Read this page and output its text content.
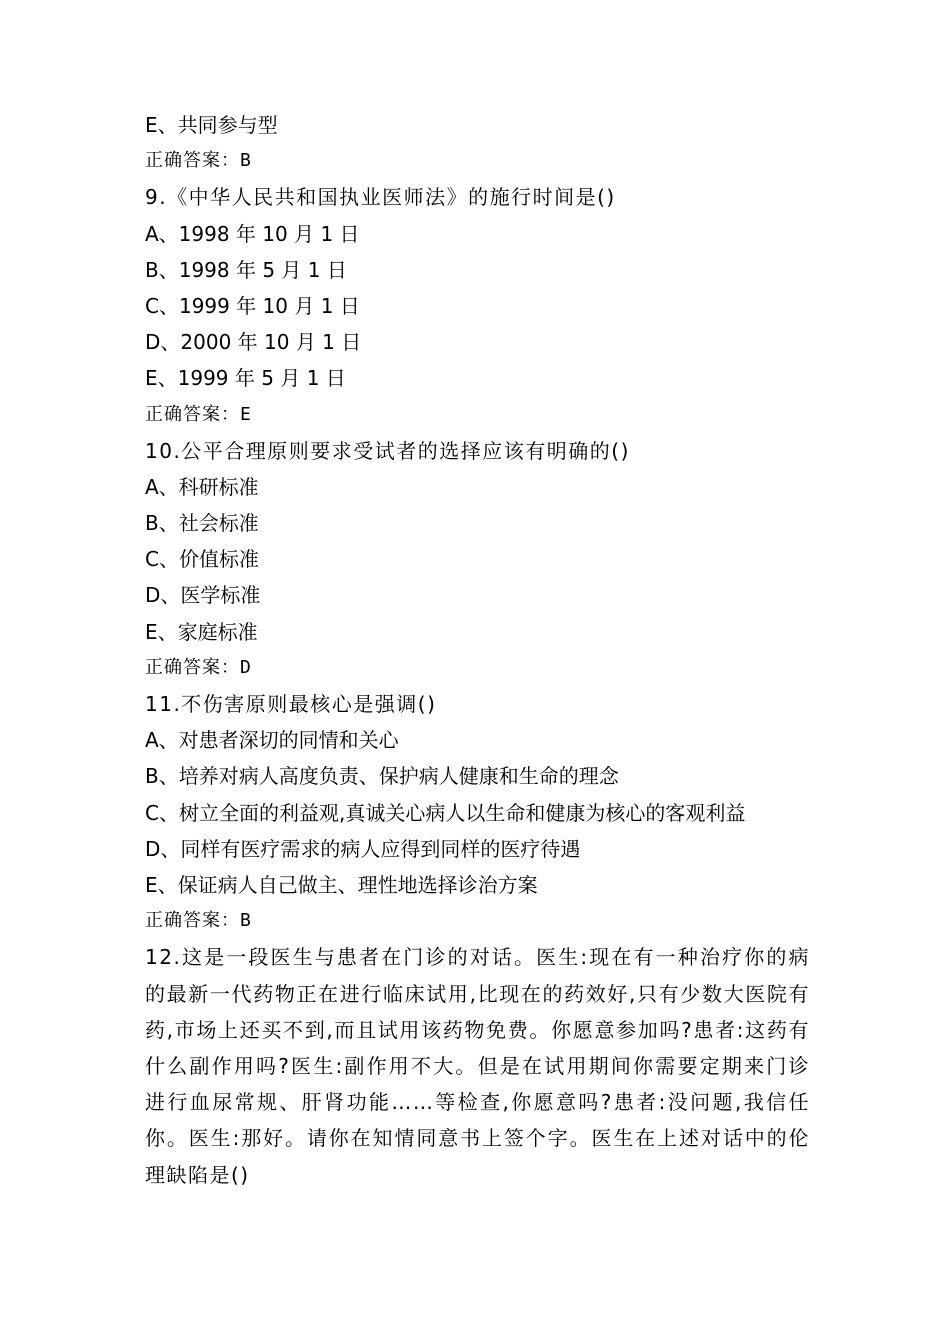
E、共同参与型
正确答案：B
9.《中华人民共和国执业医师法》的施行时间是()
A、1998 年 10 月 1 日
B、1998 年 5 月 1 日
C、1999 年 10 月 1 日
D、2000 年 10 月 1 日
E、1999 年 5 月 1 日
正确答案：E
10.公平合理原则要求受试者的选择应该有明确的()
A、科研标准
B、社会标准
C、价值标准
D、医学标准
E、家庭标准
正确答案：D
11.不伤害原则最核心是强调()
A、对患者深切的同情和关心
B、培养对病人高度负责、保护病人健康和生命的理念
C、树立全面的利益观,真诚关心病人以生命和健康为核心的客观利益
D、同样有医疗需求的病人应得到同样的医疗待遇
E、保证病人自己做主、理性地选择诊治方案
正确答案：B
12.这是一段医生与患者在门诊的对话。医生:现在有一种治疗你的病的最新一代药物正在进行临床试用,比现在的药效好,只有少数大医院有药,市场上还买不到,而且试用该药物免费。你愿意参加吗?患者:这药有什么副作用吗?医生:副作用不大。但是在试用期间你需要定期来门诊进行血尿常规、肝肾功能……等检查,你愿意吗?患者:没问题,我信任你。医生:那好。请你在知情同意书上签个字。医生在上述对话中的伦理缺陷是()
